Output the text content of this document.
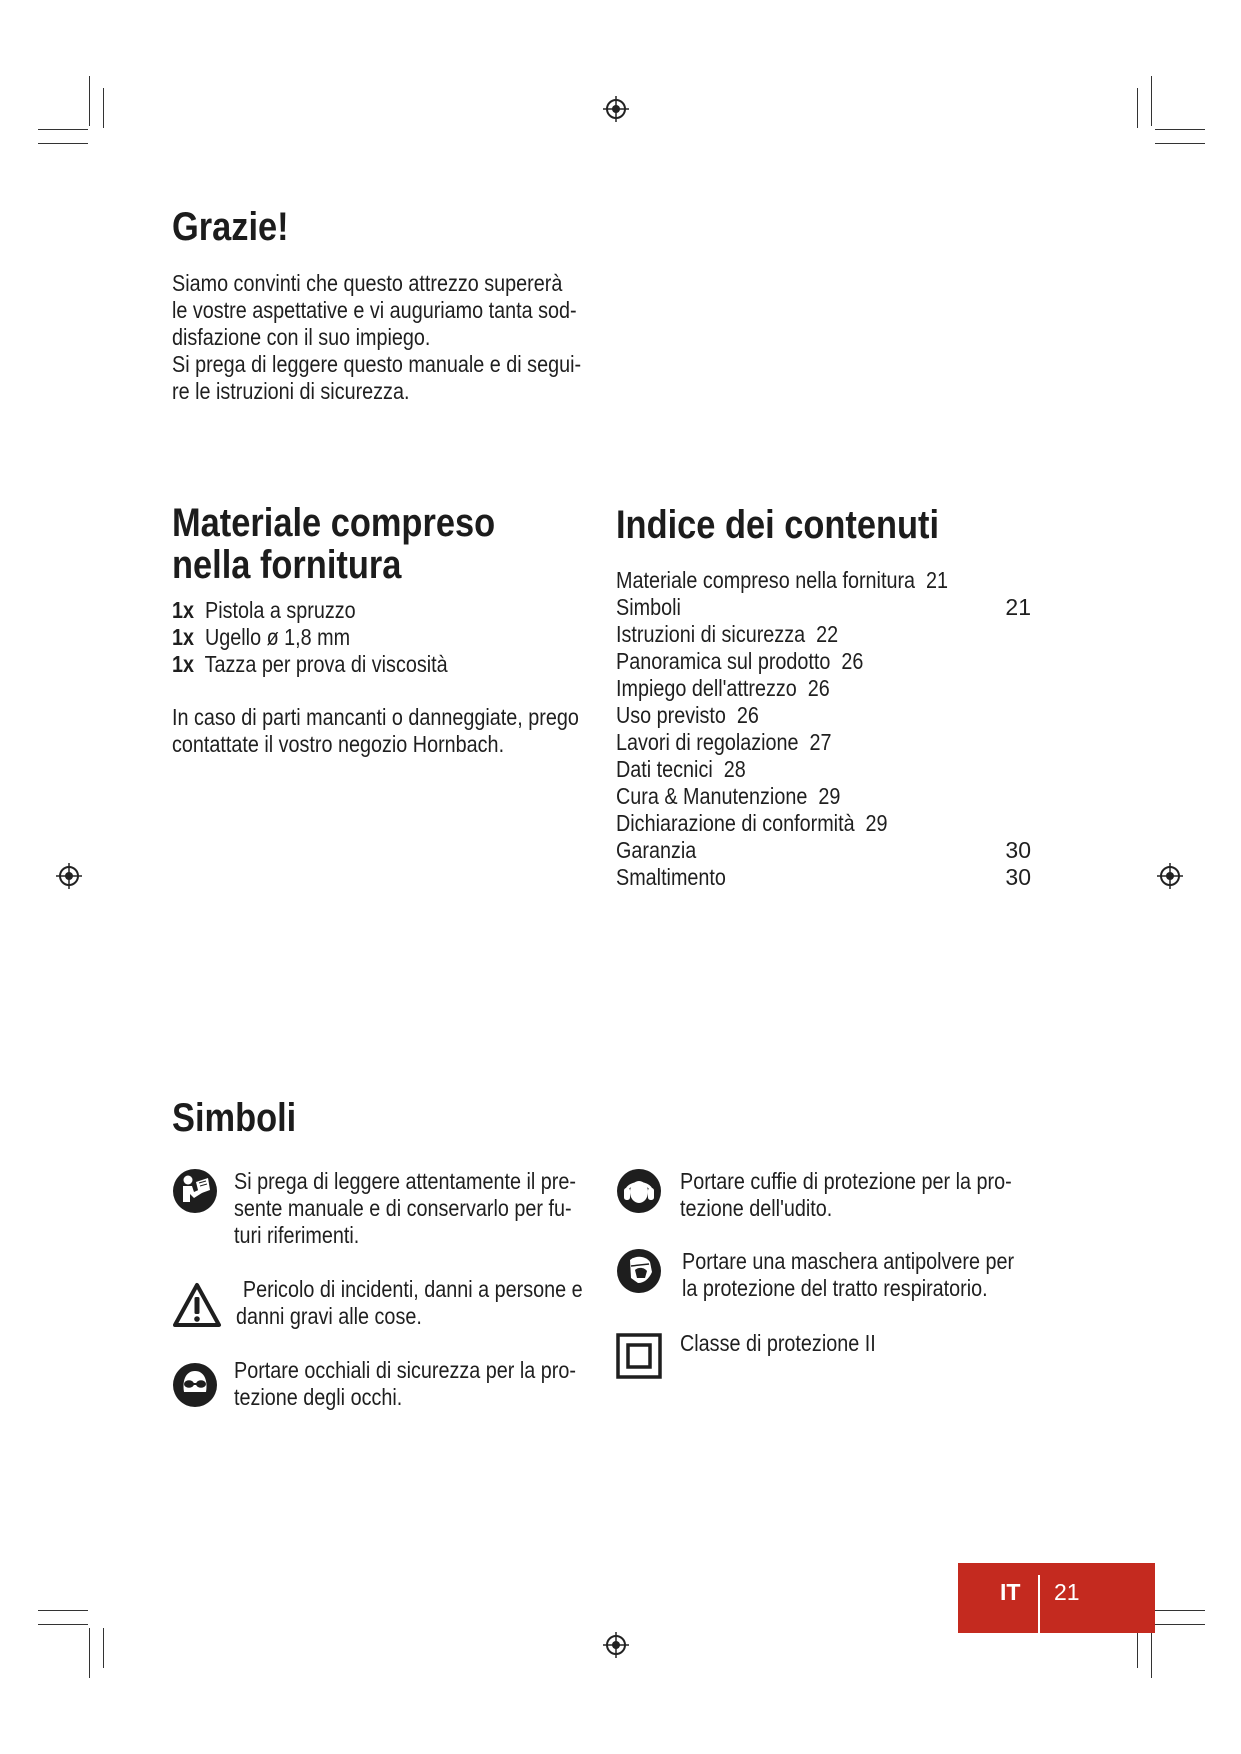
Grazie!
Siamo convinti che questo attrezzo supererà
le vostre aspettative e vi auguriamo tanta sod-
disfazione con il suo impiego.
Si prega di leggere questo manuale e di segui-
re le istruzioni di sicurezza.
Materiale compreso
nella fornitura
1x Pistola a spruzzo
1x Ugello ø 1,8 mm
1x Tazza per prova di viscosità
In caso di parti mancanti o danneggiate, prego
contattate il vostro negozio Hornbach.
Indice dei contenuti
Materiale compreso nella fornitura 21
Simboli	21
Istruzioni di sicurezza 22
Panoramica sul prodotto 26
Impiego dell'attrezzo 26
Uso previsto 26
Lavori di regolazione 27
Dati tecnici 28
Cura & Manutenzione 29
Dichiarazione di conformità 29
Garanzia	30
Smaltimento	30
Simboli
Si prega di leggere attentamente il pre-
sente manuale e di conservarlo per fu-
turi riferimenti.
Pericolo di incidenti, danni a persone e
danni gravi alle cose.
Portare occhiali di sicurezza per la pro-
tezione degli occhi.
Portare cuffie di protezione per la pro-
tezione dell'udito.
Portare una maschera antipolvere per
la protezione del tratto respiratorio.
Classe di protezione II
IT 21
